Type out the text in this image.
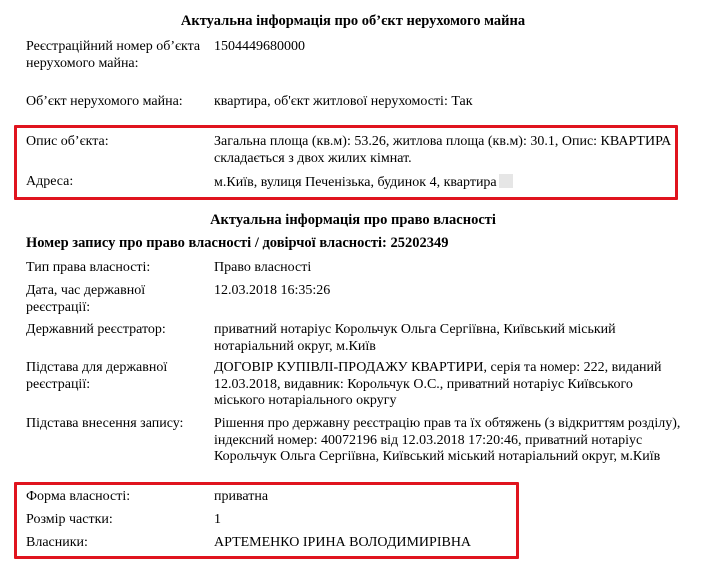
Актуальна інформація про об’єкт нерухомого майна
Реєстраційний номер об’єкта нерухомого майна:
1504449680000
Об’єкт нерухомого майна:	квартира, об'єкт житлової нерухомості: Так
Опис об’єкта:	Загальна площа (кв.м): 53.26, житлова площа (кв.м): 30.1, Опис: КВАРТИРА складається з двох жилих кімнат.
Адреса:	м.Київ, вулиця Печенізька, будинок 4, квартира
Актуальна інформація про право власності
Номер запису про право власності / довірчої власності: 25202349
Тип права власності:	Право власності
Дата, час державної реєстрації:
12.03.2018 16:35:26
Державний реєстратор:	приватний нотаріус Корольчук Ольга Сергіївна, Київський міський нотаріальний округ, м.Київ
Підстава для державної реєстрації:
ДОГОВІР КУПІВЛІ-ПРОДАЖУ КВАРТИРИ, серія та номер: 222, виданий 12.03.2018, видавник: Корольчук О.С., приватний нотаріус Київського міського нотаріального округу
Підстава внесення запису:	Рішення про державну реєстрацію прав та їх обтяжень (з відкриттям розділу), індексний номер: 40072196 від 12.03.2018 17:20:46, приватний нотаріус Корольчук Ольга Сергіївна, Київський міський нотаріальний округ, м.Київ
Форма власності:	приватна
Розмір частки:	1
Власники:	АРТЕМЕНКО ІРИНА ВОЛОДИМИРІВНА
